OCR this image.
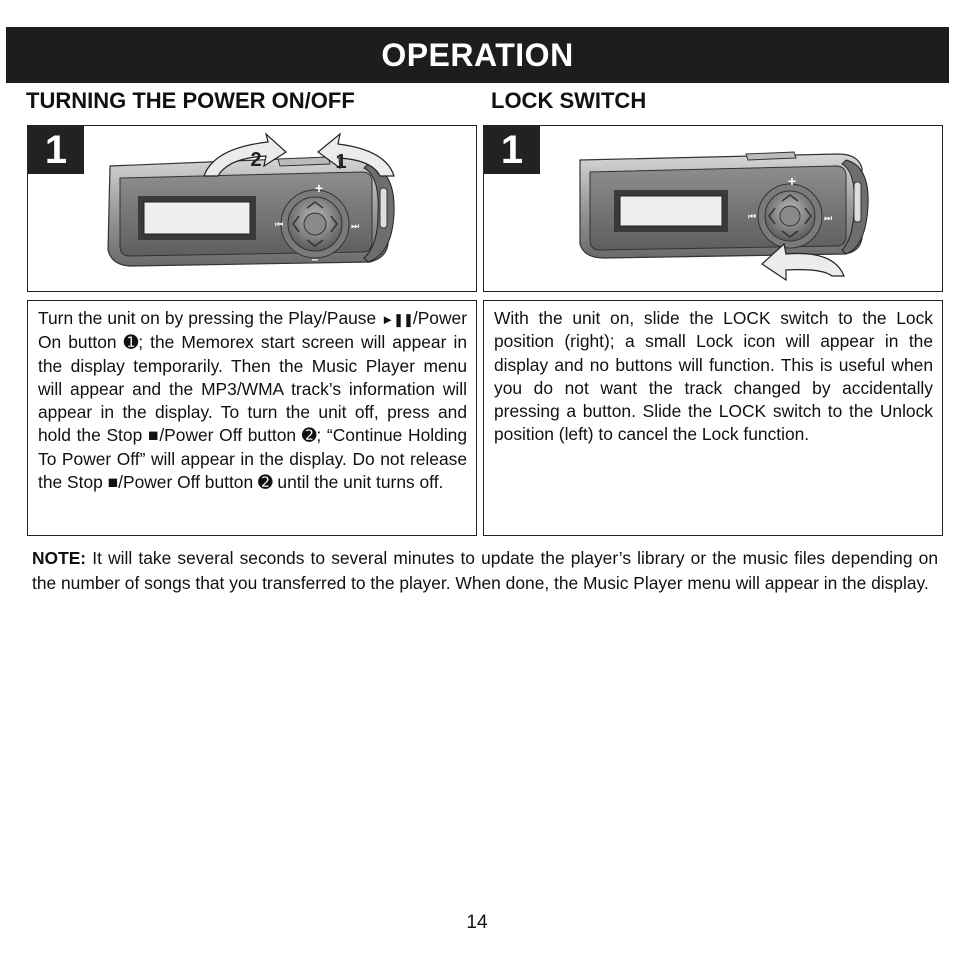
OPERATION
TURNING THE POWER ON/OFF	LOCK SWITCH
+
–
⏮	⏭
2	1
1
+
⏮	⏭
1

Turn the unit on by pressing the Play/Pause ►❚❚/Power On button ➊; the Memorex start screen will appear in the display temporarily. Then the Music Player menu will appear and the MP3/WMA track’s information will appear in the display. To turn the unit off, press and hold the Stop ■/Power Off button ➋; “Continue Holding To Power Off” will appear in the display. Do not release the Stop ■/Power Off button ➋ until the unit turns off.

With the unit on, slide the LOCK switch to the Lock position (right); a small Lock icon will appear in the display and no buttons will function. This is useful when you do not want the track changed by accidentally pressing a button. Slide the LOCK switch to the Unlock position (left) to cancel the Lock function.

NOTE: It will take several seconds to several minutes to update the player’s library or the music files depending on the number of songs that you transferred to the player. When done, the Music Player menu will appear in the display.
14
